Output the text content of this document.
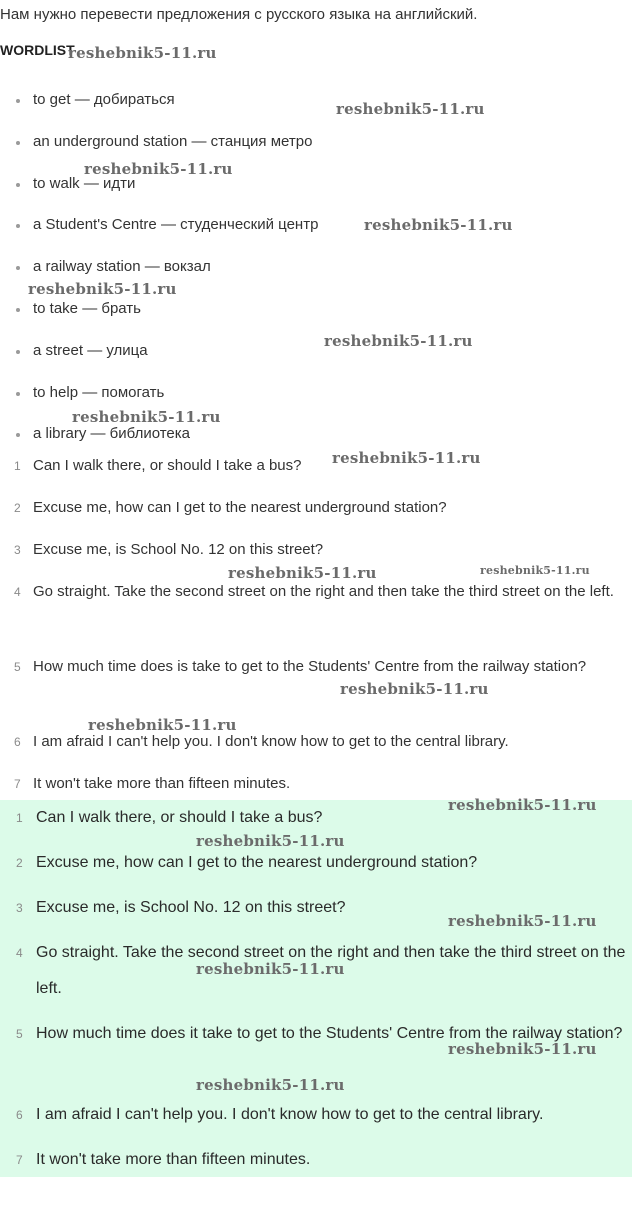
Нам нужно перевести предложения с русского языка на английский.
WORDLIST
to get — добираться
an underground station — станция метро
to walk — идти
a Student's Centre — студенческий центр
a railway station — вокзал
to take — брать
a street — улица
to help — помогать
a library — библиотека
1 Can I walk there, or should I take a bus?
2 Excuse me, how can I get to the nearest underground station?
3 Excuse me, is School No. 12 on this street?
4 Go straight. Take the second street on the right and then take the third street on the left.
5 How much time does is take to get to the Students' Centre from the railway station?
6 I am afraid I can't help you. I don't know how to get to the central library.
7 It won't take more than fifteen minutes.
1 Can I walk there, or should I take a bus?
2 Excuse me, how can I get to the nearest underground station?
3 Excuse me, is School No. 12 on this street?
4 Go straight. Take the second street on the right and then take the third street on the left.
5 How much time does it take to get to the Students' Centre from the railway station?
6 I am afraid I can't help you. I don't know how to get to the central library.
7 It won't take more than fifteen minutes.
reshebnik5-11.ru
reshebnik5-11.ru
reshebnik5-11.ru
reshebnik5-11.ru
reshebnik5-11.ru
reshebnik5-11.ru
reshebnik5-11.ru
reshebnik5-11.ru
reshebnik5-11.ru	reshebnik5-11.ru
reshebnik5-11.ru
reshebnik5-11.ru
reshebnik5-11.ru
reshebnik5-11.ru
reshebnik5-11.ru
reshebnik5-11.ru
reshebnik5-11.ru
reshebnik5-11.ru
